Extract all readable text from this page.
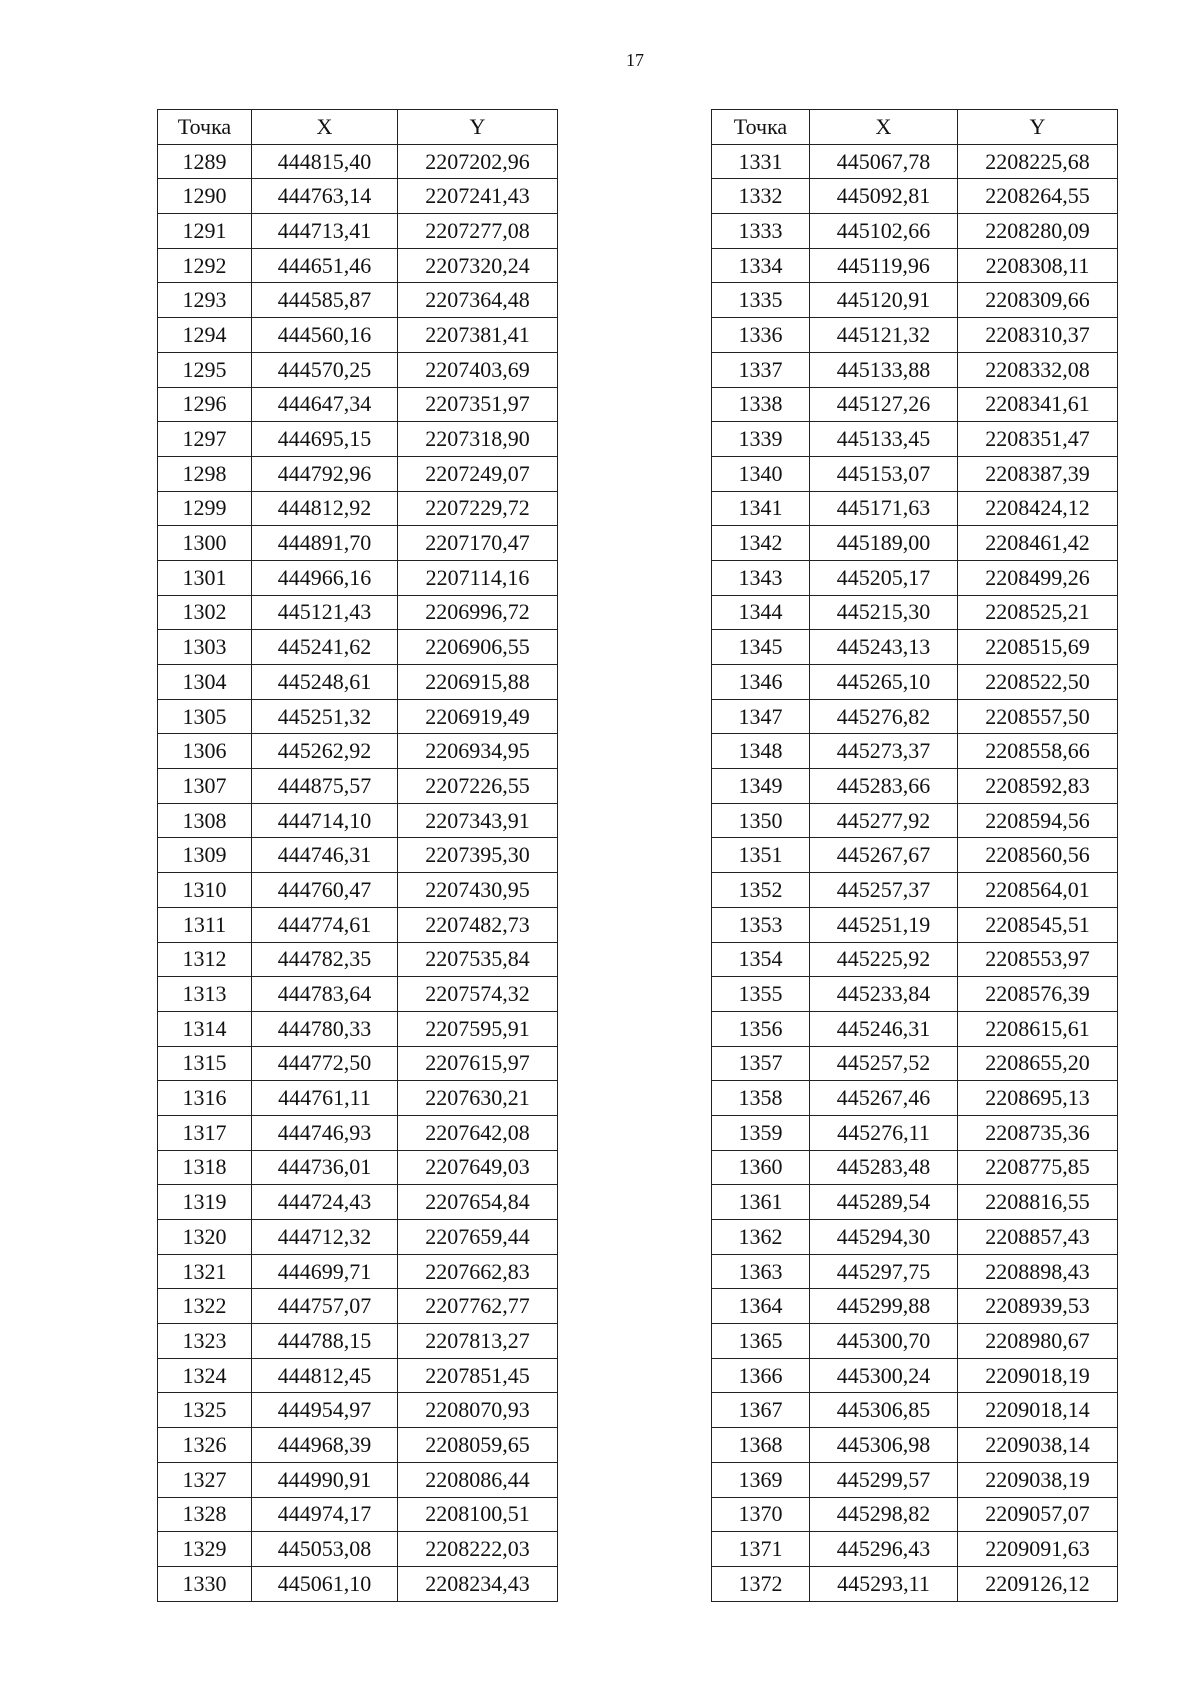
17
Точка	X	Y
1289	444815,40	2207202,96
1290	444763,14	2207241,43
1291	444713,41	2207277,08
1292	444651,46	2207320,24
1293	444585,87	2207364,48
1294	444560,16	2207381,41
1295	444570,25	2207403,69
1296	444647,34	2207351,97
1297	444695,15	2207318,90
1298	444792,96	2207249,07
1299	444812,92	2207229,72
1300	444891,70	2207170,47
1301	444966,16	2207114,16
1302	445121,43	2206996,72
1303	445241,62	2206906,55
1304	445248,61	2206915,88
1305	445251,32	2206919,49
1306	445262,92	2206934,95
1307	444875,57	2207226,55
1308	444714,10	2207343,91
1309	444746,31	2207395,30
1310	444760,47	2207430,95
1311	444774,61	2207482,73
1312	444782,35	2207535,84
1313	444783,64	2207574,32
1314	444780,33	2207595,91
1315	444772,50	2207615,97
1316	444761,11	2207630,21
1317	444746,93	2207642,08
1318	444736,01	2207649,03
1319	444724,43	2207654,84
1320	444712,32	2207659,44
1321	444699,71	2207662,83
1322	444757,07	2207762,77
1323	444788,15	2207813,27
1324	444812,45	2207851,45
1325	444954,97	2208070,93
1326	444968,39	2208059,65
1327	444990,91	2208086,44
1328	444974,17	2208100,51
1329	445053,08	2208222,03
1330	445061,10	2208234,43
Точка	X	Y
1331	445067,78	2208225,68
1332	445092,81	2208264,55
1333	445102,66	2208280,09
1334	445119,96	2208308,11
1335	445120,91	2208309,66
1336	445121,32	2208310,37
1337	445133,88	2208332,08
1338	445127,26	2208341,61
1339	445133,45	2208351,47
1340	445153,07	2208387,39
1341	445171,63	2208424,12
1342	445189,00	2208461,42
1343	445205,17	2208499,26
1344	445215,30	2208525,21
1345	445243,13	2208515,69
1346	445265,10	2208522,50
1347	445276,82	2208557,50
1348	445273,37	2208558,66
1349	445283,66	2208592,83
1350	445277,92	2208594,56
1351	445267,67	2208560,56
1352	445257,37	2208564,01
1353	445251,19	2208545,51
1354	445225,92	2208553,97
1355	445233,84	2208576,39
1356	445246,31	2208615,61
1357	445257,52	2208655,20
1358	445267,46	2208695,13
1359	445276,11	2208735,36
1360	445283,48	2208775,85
1361	445289,54	2208816,55
1362	445294,30	2208857,43
1363	445297,75	2208898,43
1364	445299,88	2208939,53
1365	445300,70	2208980,67
1366	445300,24	2209018,19
1367	445306,85	2209018,14
1368	445306,98	2209038,14
1369	445299,57	2209038,19
1370	445298,82	2209057,07
1371	445296,43	2209091,63
1372	445293,11	2209126,12
